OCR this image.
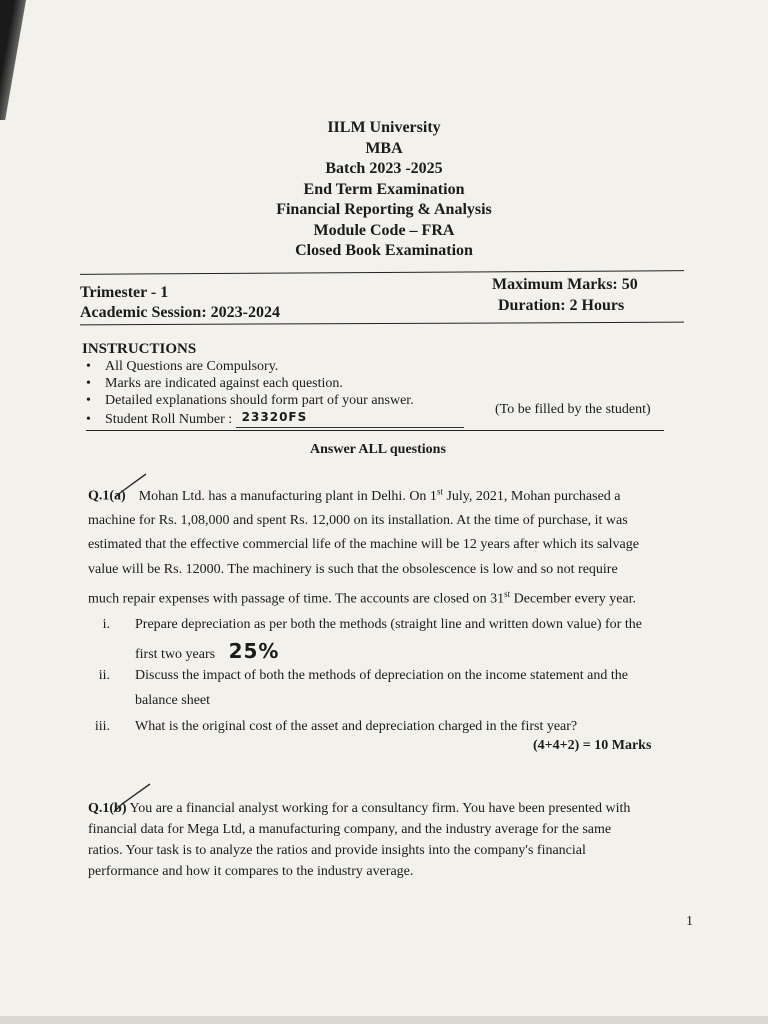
IILM University
MBA
Batch 2023 -2025
End Term Examination
Financial Reporting & Analysis
Module Code – FRA
Closed Book Examination
Trimester - 1
Academic Session: 2023-2024
Maximum Marks: 50
Duration: 2 Hours
INSTRUCTIONS
• All Questions are Compulsory.
• Marks are indicated against each question.
• Detailed explanations should form part of your answer.
• Student Roll Number : 23320FS	(To be filled by the student)
Answer ALL questions
Q.1(a) Mohan Ltd. has a manufacturing plant in Delhi. On 1st July, 2021, Mohan purchased a
machine for Rs. 1,08,000 and spent Rs. 12,000 on its installation. At the time of purchase, it was
estimated that the effective commercial life of the machine will be 12 years after which its salvage
value will be Rs. 12000. The machinery is such that the obsolescence is low and so not require
much repair expenses with passage of time. The accounts are closed on 31st December every year.
i. Prepare depreciation as per both the methods (straight line and written down value) for the
first two years 25%
ii. Discuss the impact of both the methods of depreciation on the income statement and the
balance sheet
iii. What is the original cost of the asset and depreciation charged in the first year?
(4+4+2) = 10 Marks
Q.1(b) You are a financial analyst working for a consultancy firm. You have been presented with
financial data for Mega Ltd, a manufacturing company, and the industry average for the same
ratios. Your task is to analyze the ratios and provide insights into the company's financial
performance and how it compares to the industry average.
1
